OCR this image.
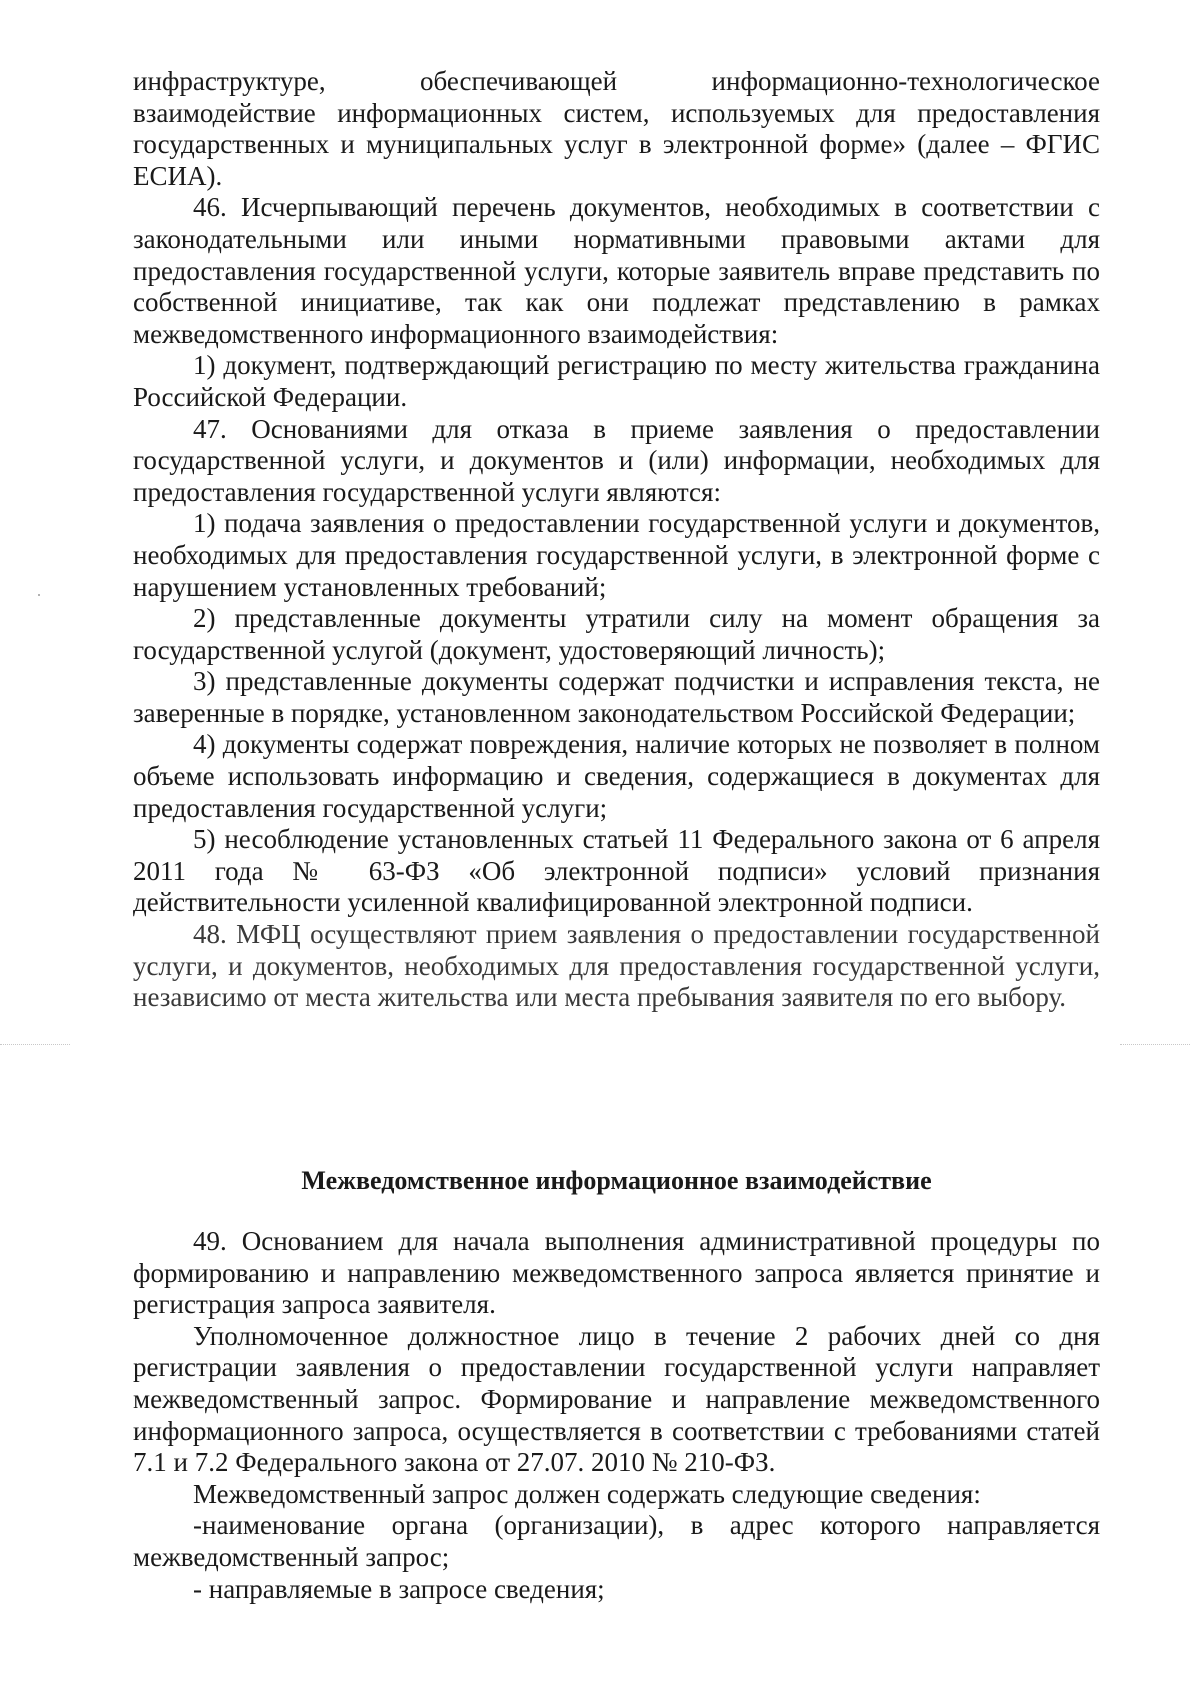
инфраструктуре, обеспечивающей информационно-технологическое взаимодействие информационных систем, используемых для предоставления государственных и муниципальных услуг в электронной форме» (далее – ФГИС ЕСИА).

46. Исчерпывающий перечень документов, необходимых в соответствии с законодательными или иными нормативными правовыми актами для предоставления государственной услуги, которые заявитель вправе представить по собственной инициативе, так как они подлежат представлению в рамках межведомственного информационного взаимодействия:

1) документ, подтверждающий регистрацию по месту жительства гражданина Российской Федерации.

47. Основаниями для отказа в приеме заявления о предоставлении государственной услуги, и документов и (или) информации, необходимых для предоставления государственной услуги являются:

1) подача заявления о предоставлении государственной услуги и документов, необходимых для предоставления государственной услуги, в электронной форме с нарушением установленных требований;

2) представленные документы утратили силу на момент обращения за государственной услугой (документ, удостоверяющий личность);

3) представленные документы содержат подчистки и исправления текста, не заверенные в порядке, установленном законодательством Российской Федерации;

4) документы содержат повреждения, наличие которых не позволяет в полном объеме использовать информацию и сведения, содержащиеся в документах для предоставления государственной услуги;

5) несоблюдение установленных статьей 11 Федерального закона от 6 апреля 2011 года № 63-ФЗ «Об электронной подписи» условий признания действительности усиленной квалифицированной электронной подписи.

48. МФЦ осуществляют прием заявления о предоставлении государственной услуги, и документов, необходимых для предоставления государственной услуги, независимо от места жительства или места пребывания заявителя по его выбору.

Межведомственное информационное взаимодействие

49. Основанием для начала выполнения административной процедуры по формированию и направлению межведомственного запроса является принятие и регистрация запроса заявителя.

Уполномоченное должностное лицо в течение 2 рабочих дней со дня регистрации заявления о предоставлении государственной услуги направляет межведомственный запрос. Формирование и направление межведомственного информационного запроса, осуществляется в соответствии с требованиями статей 7.1 и 7.2 Федерального закона от 27.07. 2010 № 210-ФЗ.

Межведомственный запрос должен содержать следующие сведения:

-наименование органа (организации), в адрес которого направляется межведомственный запрос;

- направляемые в запросе сведения;
